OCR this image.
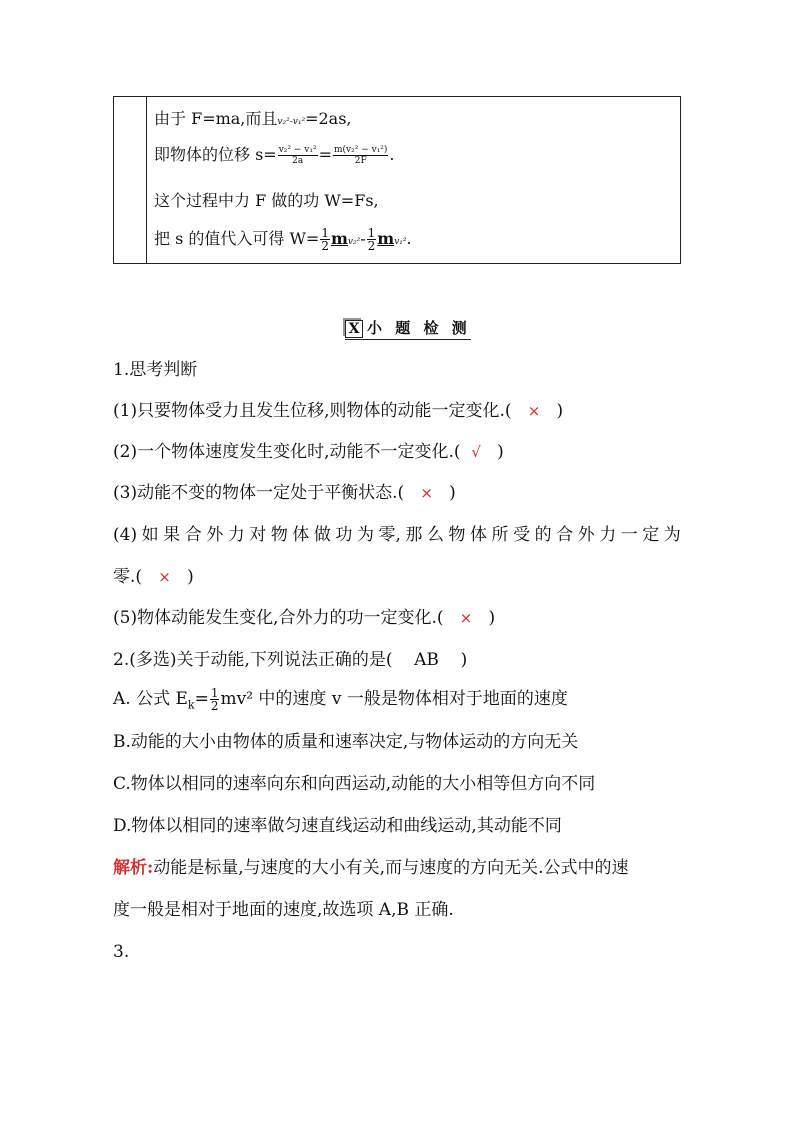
由于 F=ma,而且v₂²-v₁²=2as,
即物体的位移 $s= \frac{\text{v₂² − v₁²}}{2a} = \frac{\text{m(v₂² − v₁²)}}{2F}$ .
这个过程中力 F 做的功 W=Fs,
把 s 的值代入可得 $W= \frac{1}{2} mv_2^2- \frac{1}{2} mv_1^2$.
X 小 题 检 测
1.思考判断
(1)只要物体受力且发生位移,则物体的动能一定变化.( × )
(2)一个物体速度发生变化时,动能不一定变化.( √ )
(3)动能不变的物体一定处于平衡状态.( × )
(4) 如 果 合 外 力 对 物 体 做 功 为 零, 那 么 物 体 所 受 的 合 外 力 一 定 为
零.( × )
(5)物体动能发生变化,合外力的功一定变化.( × )
2.(多选)关于动能,下列说法正确的是( AB )
A. 公式 $E_k= \frac{1}{2} mv^2$ 中的速度 v 一般是物体相对于地面的速度
B.动能的大小由物体的质量和速率决定,与物体运动的方向无关
C.物体以相同的速率向东和向西运动,动能的大小相等但方向不同
D.物体以相同的速率做匀速直线运动和曲线运动,其动能不同
解析:动能是标量,与速度的大小有关,而与速度的方向无关.公式中的速
度一般是相对于地面的速度,故选项 A,B 正确.
3.
